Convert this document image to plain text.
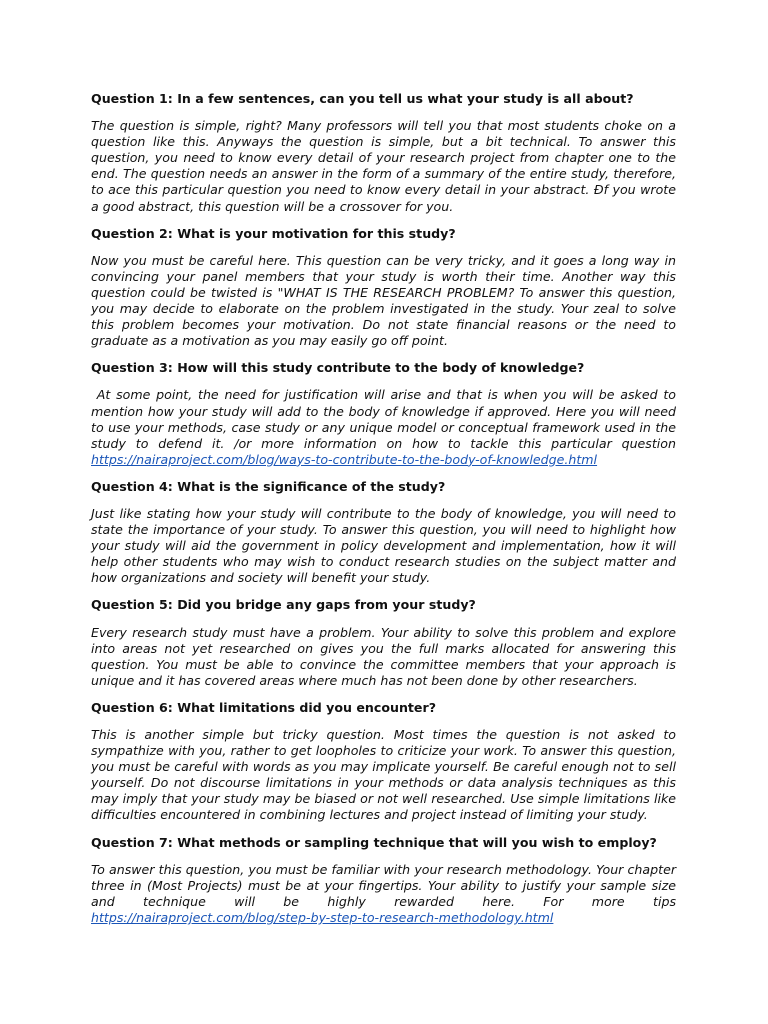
Question 1: In a few sentences, can you tell us what your study is all about?
The question is simple, right? Many professors will tell you that most students choke on a question like this. Anyways the question is simple, but a bit technical. To answer this question, you need to know every detail of your research project from chapter one to the end. The question needs an answer in the form of a summary of the entire study, therefore, to ace this particular question you need to know every detail in your abstract. Ðf you wrote a good abstract, this question will be a crossover for you.
Question 2: What is your motivation for this study?
Now you must be careful here. This question can be very tricky, and it goes a long way in convincing your panel members that your study is worth their time. Another way this question could be twisted is "WHAT IS THE RESEARCH PROBLEM? To answer this question, you may decide to elaborate on the problem investigated in the study. Your zeal to solve this problem becomes your motivation. Do not state financial reasons or the need to graduate as a motivation as you may easily go off point.
Question 3: How will this study contribute to the body of knowledge?
At some point, the need for justification will arise and that is when you will be asked to mention how your study will add to the body of knowledge if approved. Here you will need to use your methods, case study or any unique model or conceptual framework used in the study to defend it. /or more information on how to tackle this particular question https://nairaproject.com/blog/ways-to-contribute-to-the-body-of-knowledge.html
Question 4: What is the significance of the study?
Just like stating how your study will contribute to the body of knowledge, you will need to state the importance of your study. To answer this question, you will need to highlight how your study will aid the government in policy development and implementation, how it will help other students who may wish to conduct research studies on the subject matter and how organizations and society will benefit your study.
Question 5: Did you bridge any gaps from your study?
Every research study must have a problem. Your ability to solve this problem and explore into areas not yet researched on gives you the full marks allocated for answering this question. You must be able to convince the committee members that your approach is unique and it has covered areas where much has not been done by other researchers.
Question 6: What limitations did you encounter?
This is another simple but tricky question. Most times the question is not asked to sympathize with you, rather to get loopholes to criticize your work. To answer this question, you must be careful with words as you may implicate yourself. Be careful enough not to sell yourself. Do not discourse limitations in your methods or data analysis techniques as this may imply that your study may be biased or not well researched. Use simple limitations like difficulties encountered in combining lectures and project instead of limiting your study.
Question 7: What methods or sampling technique that will you wish to employ?
To answer this question, you must be familiar with your research methodology. Your chapter three in (Most Projects) must be at your fingertips. Your ability to justify your sample size and technique will be highly rewarded here. For more tips https://nairaproject.com/blog/step-by-step-to-research-methodology.html
